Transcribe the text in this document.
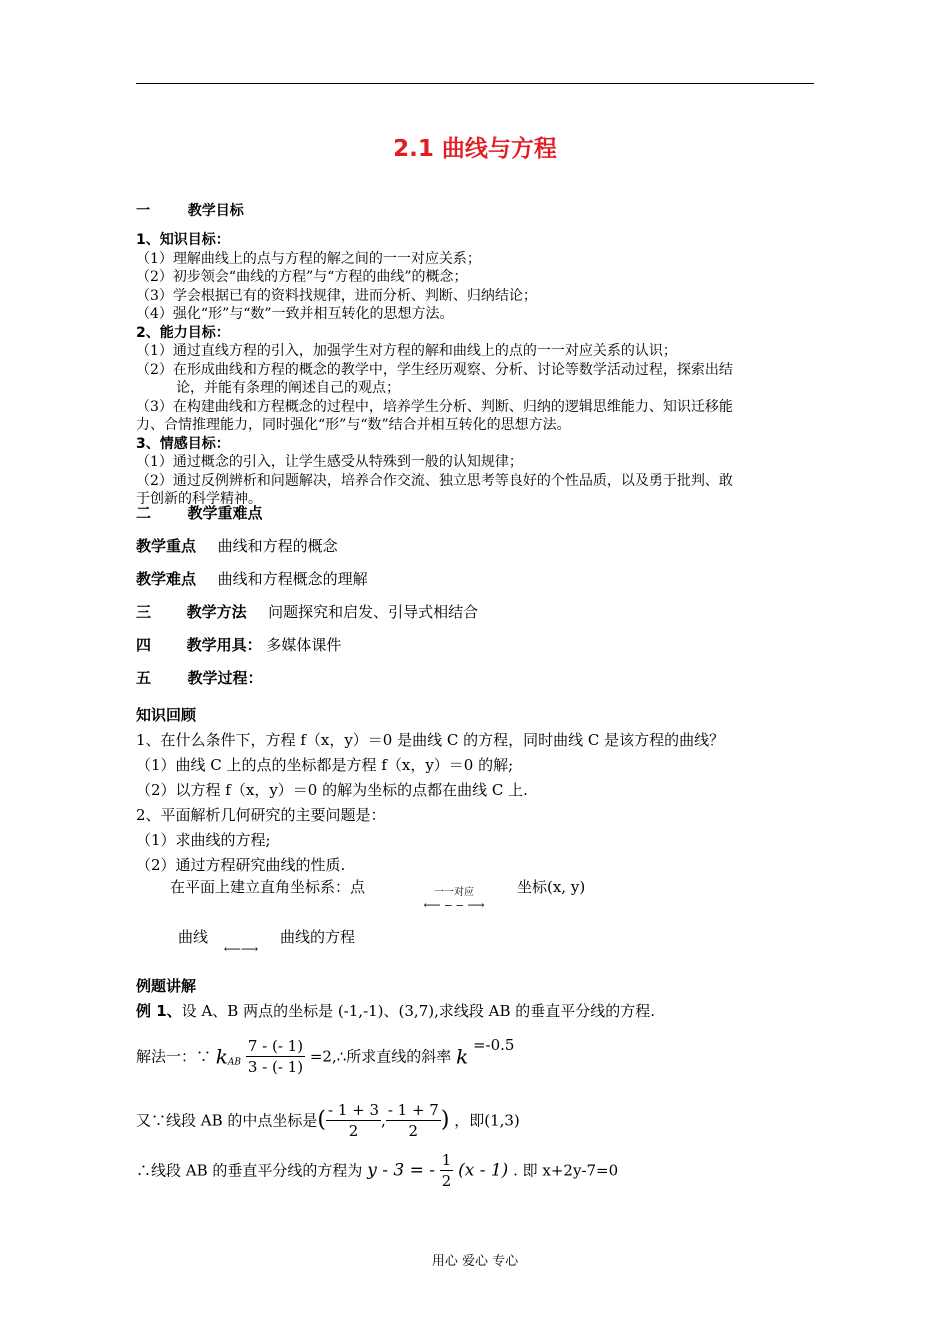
2.1 曲线与方程
一	教学目标
1、知识目标：
（1）理解曲线上的点与方程的解之间的一一对应关系；
（2）初步领会“曲线的方程”与“方程的曲线”的概念；
（3）学会根据已有的资料找规律，进而分析、判断、归纳结论；
（4）强化“形”与“数”一致并相互转化的思想方法。
2、能力目标：
（1）通过直线方程的引入，加强学生对方程的解和曲线上的点的一一对应关系的认识；
（2）在形成曲线和方程的概念的教学中，学生经历观察、分析、讨论等数学活动过程，探索出结
论，并能有条理的阐述自己的观点；
（3）在构建曲线和方程概念的过程中，培养学生分析、判断、归纳的逻辑思维能力、知识迁移能
力、合情推理能力，同时强化“形”与“数”结合并相互转化的思想方法。
3、情感目标：
（1）通过概念的引入，让学生感受从特殊到一般的认知规律；
（2）通过反例辨析和问题解决，培养合作交流、独立思考等良好的个性品质，以及勇于批判、敢
于创新的科学精神。
二 教学重难点
教学重点 曲线和方程的概念
教学难点 曲线和方程概念的理解
三 教学方法 问题探究和启发、引导式相结合
四 教学用具： 多媒体课件
五 教学过程：
知识回顾
1、在什么条件下，方程 f（x，y）＝0 是曲线 C 的方程，同时曲线 C 是该方程的曲线？
（1）曲线 C 上的点的坐标都是方程 f（x，y）＝0 的解;
（2）以方程 f（x，y）＝0 的解为坐标的点都在曲线 C 上.
2、平面解析几何研究的主要问题是：
（1）求曲线的方程;
（2）通过方程研究曲线的性质.
在平面上建立直角坐标系：点	一一对应
⟵ ‒ ‒ ⟶
坐标(x, y)
曲线
⟵⟶
曲线的方程
例题讲解
例 1、设 A、B 两点的坐标是 (-1,-1)、(3,7),求线段 AB 的垂直平分线的方程.
解法一：∵ $k_{AB} \frac{7 - (- 1)}{3 - (- 1)}$ =2,∴所求直线的斜率 k =-0.5
又∵线段 AB 的中点坐标是( $\frac{- 1 + 3}{2}$ , $\frac{- 1 + 7}{2}$ ) ，即(1,3)
∴线段 AB 的垂直平分线的方程为 y - 3 = - $\frac{1}{2} (x - 1)$ . 即 x+2y-7=0
用心 爱心 专心
